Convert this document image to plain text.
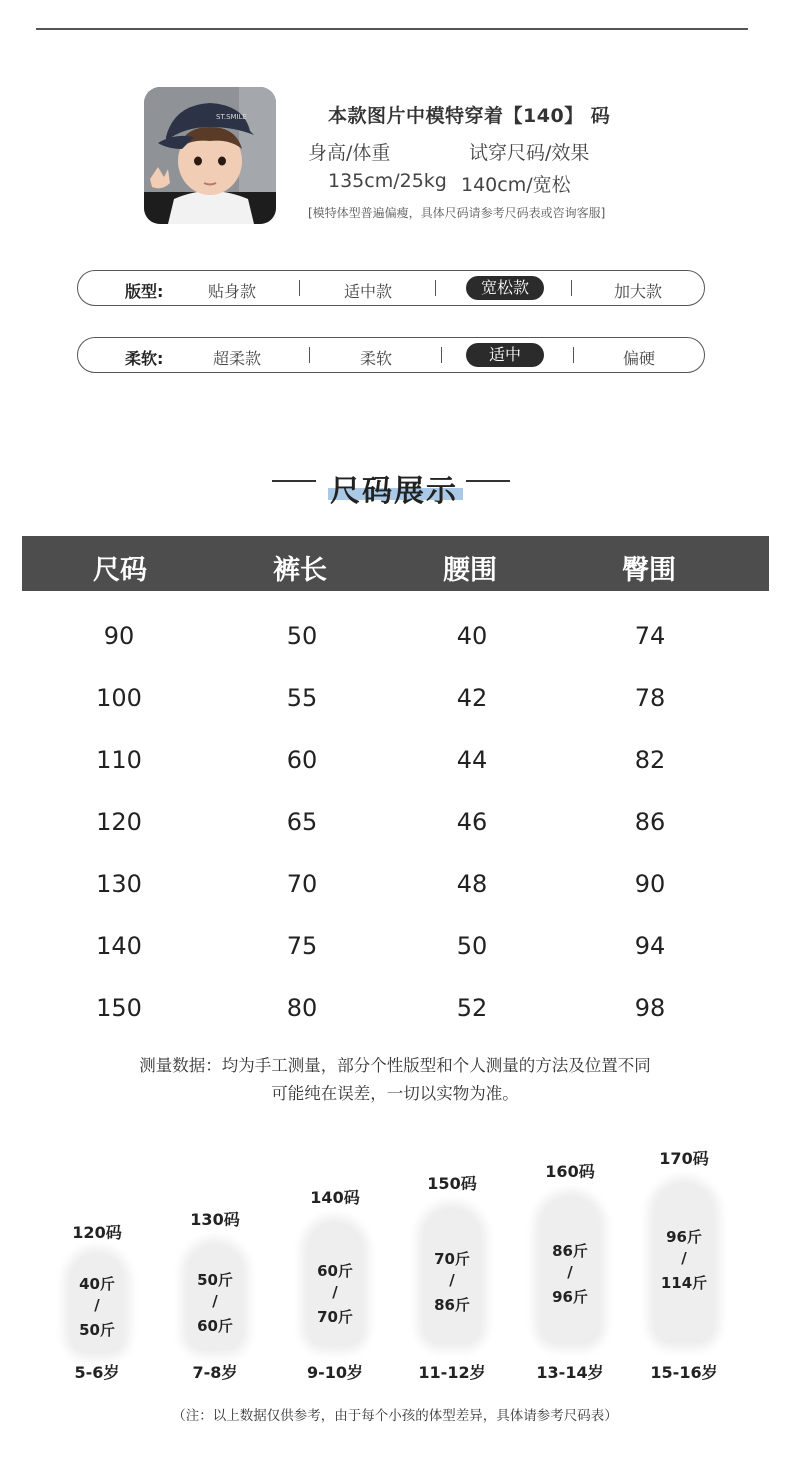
ST.SMILE	本款图片中模特穿着【140】 码
身高/体重	试穿尺码/效果
135cm/25kg 140cm/宽松
[模特体型普遍偏瘦，具体尺码请参考尺码表或咨询客服]
版型:	贴身款	适中款	宽松款	加大款
柔软:	超柔款	柔软	适中	偏硬
尺码展示
尺码	裤长	腰围	臀围
90	50	40	74
100	55	42	78
110	60	44	82
120	65	46	86
130	70	48	90
140	75	50	94
150	80	52	98
测量数据：均为手工测量，部分个性版型和个人测量的方法及位置不同
可能纯在误差，一切以实物为准。
120码
40斤
/
50斤
5-6岁
130码
50斤
/
60斤
7-8岁
140码
60斤
/
70斤
9-10岁
150码
70斤
/
86斤
11-12岁
160码
86斤
/
96斤
13-14岁
170码
96斤
/
114斤
15-16岁
（注：以上数据仅供参考，由于每个小孩的体型差异，具体请参考尺码表）
